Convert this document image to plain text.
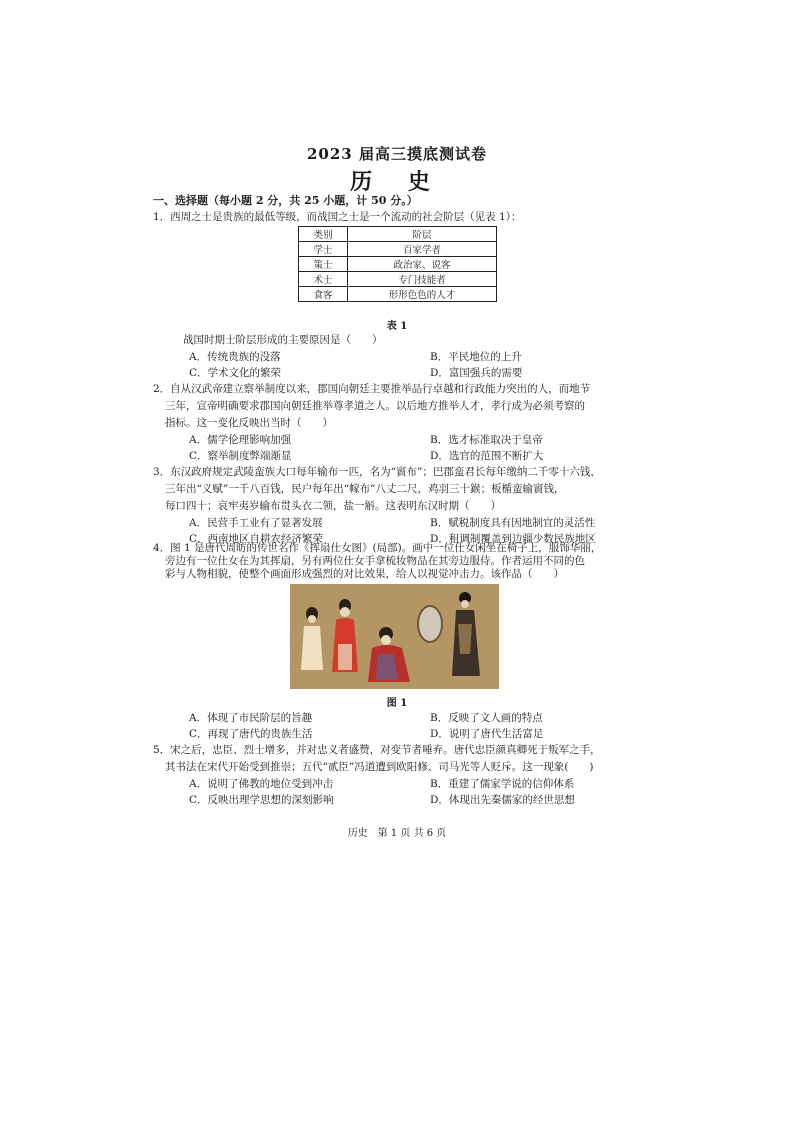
2023 届高三摸底测试卷
历 史
一、选择题（每小题 2 分，共 25 小题，计 50 分。）
1．西周之士是贵族的最低等级，而战国之士是一个流动的社会阶层（见表 1）：
类别	阶层
学士	百家学者
策士	政治家、说客
术士	专门技能者
食客	形形色色的人才
表 1
战国时期士阶层形成的主要原因是（　　）
A．传统贵族的没落	B．平民地位的上升
C．学术文化的繁荣	D．富国强兵的需要
2．自从汉武帝建立察举制度以来，郡国向朝廷主要推举品行卓越和行政能力突出的人，而地节
三年，宣帝明确要求郡国向朝廷推举尊孝道之人。以后地方推举人才，孝行成为必须考察的
指标。这一变化反映出当时（　　）
A．儒学伦理影响加强	B．选才标准取决于皇帝
C．察举制度弊端渐显	D．选官的范围不断扩大
3．东汉政府规定武陵蛮族大口每年输布一匹，名为“賨布”；巴郡蛮君长每年缴纳二千零十六钱，
三年出“义赋”一千八百钱，民户每年出“幏布”八丈二尺，鸡羽三十鍭；板楯蛮输賨钱，
每口四十；哀牢夷岁输布贯头衣二领，盐一斛。这表明东汉时期（　　）
A．民营手工业有了显著发展	B．赋税制度具有因地制宜的灵活性
C．西南地区自耕农经济繁荣	D．租调制覆盖到边疆少数民族地区
4．图 1 是唐代周昉的传世名作《挥扇仕女图》(局部)。画中一位仕女闲坐在椅子上，服饰华丽，
旁边有一位仕女在为其挥扇，另有两位仕女手拿梳妆物品在其旁边服侍。作者运用不同的色
图 1
A．体现了市民阶层的旨趣	B．反映了文人画的特点
C．再现了唐代的贵族生活	D．说明了唐代生活富足
5．宋之后，忠臣、烈士增多，并对忠义者盛赞，对变节者唾弃。唐代忠臣颜真卿死于叛军之手，
其书法在宋代开始受到推崇；五代“贰臣”冯道遭到欧阳修、司马光等人贬斥。这一现象(　　)
A．说明了佛教的地位受到冲击	B．重建了儒家学说的信仰体系
C．反映出理学思想的深刻影响	D．体现出先秦儒家的经世思想
历史　第 1 页 共 6 页
彩与人物相貌，使整个画面形成强烈的对比效果，给人以视觉冲击力。该作品（　　）
